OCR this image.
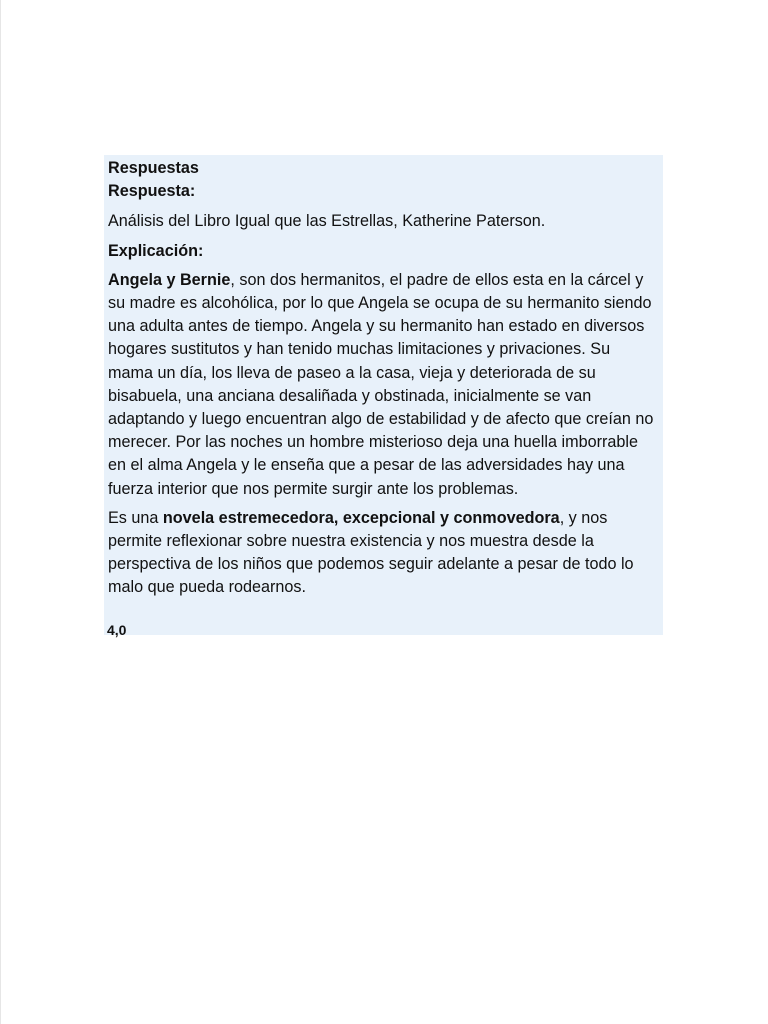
Respuestas

Respuesta:

Análisis del Libro Igual que las Estrellas, Katherine Paterson.

Explicación:

Angela y Bernie, son dos hermanitos, el padre de ellos esta en la cárcel y su madre es alcohólica, por lo que Angela se ocupa de su hermanito siendo una adulta antes de tiempo. Angela y su hermanito han estado en diversos hogares sustitutos y han tenido muchas limitaciones y privaciones. Su mama un día, los lleva de paseo a la casa, vieja y deteriorada de su bisabuela, una anciana desaliñada y obstinada, inicialmente se van adaptando y luego encuentran algo de estabilidad y de afecto que creían no merecer. Por las noches un hombre misterioso deja una huella imborrable en el alma Angela y le enseña que a pesar de las adversidades hay una fuerza interior que nos permite surgir ante los problemas.

Es una novela estremecedora, excepcional y conmovedora, y nos permite reflexionar sobre nuestra existencia y nos muestra desde la perspectiva de los niños que podemos seguir adelante a pesar de todo lo malo que pueda rodearnos.

4,0
